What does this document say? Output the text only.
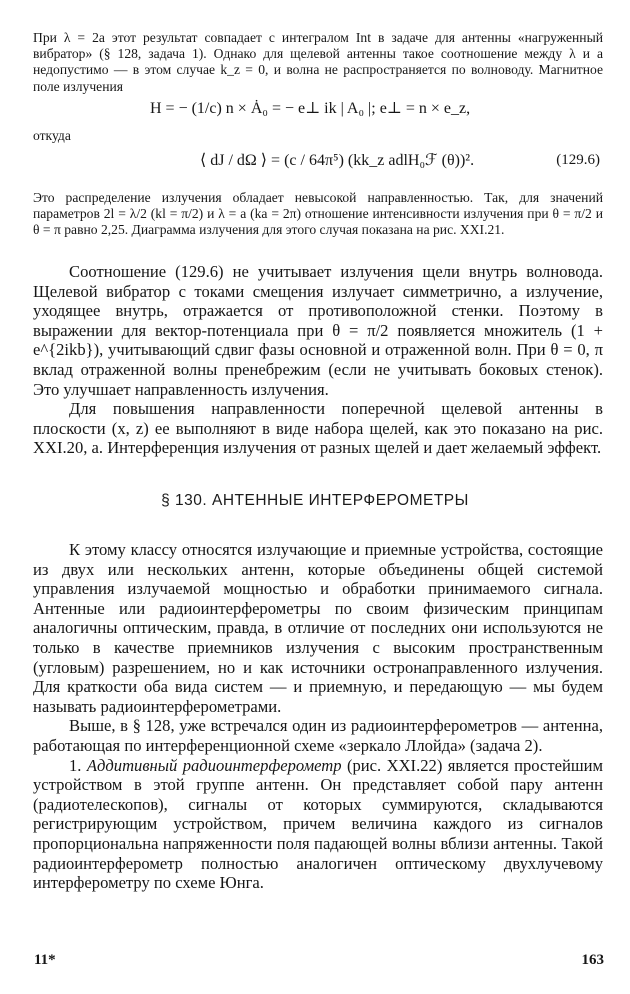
При λ = 2a этот результат совпадает с интегралом Int в задаче для антенны «нагруженный вибратор» (§ 128, задача 1). Однако для щелевой антенны такое соотношение между λ и a недопустимо — в этом случае k_z = 0, и волна не распространяется по волноводу. Магнитное поле излучения

H = − (1/c) n × Ȧ₀ = − e⊥ ik | A₀ |; e⊥ = n × e_z,
откуда
⟨ dJ / dΩ ⟩ = (c / 64π⁵) (kk_z adlH₀ℱ (θ))².	(129.6)

Это распределение излучения обладает невысокой направленностью. Так, для значений параметров 2l = λ/2 (kl = π/2) и λ = a (ka = 2π) отношение интенсивности излучения при θ = π/2 и θ = π равно 2,25. Диаграмма излучения для этого случая показана на рис. XXI.21.

Соотношение (129.6) не учитывает излучения щели внутрь волновода. Щелевой вибратор с токами смещения излучает симметрично, а излучение, уходящее внутрь, отражается от противоположной стенки. Поэтому в выражении для вектор-потенциала при θ = π/2 появляется множитель (1 + e^{2ikb}), учитывающий сдвиг фазы основной и отраженной волн. При θ = 0, π вклад отраженной волны пренебрежим (если не учитывать боковых стенок). Это улучшает направленность излучения.

Для повышения направленности поперечной щелевой антенны в плоскости (x, z) ее выполняют в виде набора щелей, как это показано на рис. XXI.20, a. Интерференция излучения от разных щелей и дает желаемый эффект.

§ 130. АНТЕННЫЕ ИНТЕРФЕРОМЕТРЫ

К этому классу относятся излучающие и приемные устройства, состоящие из двух или нескольких антенн, которые объединены общей системой управления излучаемой мощностью и обработки принимаемого сигнала. Антенные или радиоинтерферометры по своим физическим принципам аналогичны оптическим, правда, в отличие от последних они используются не только в качестве приемников излучения с высоким пространственным (угловым) разрешением, но и как источники остронаправленного излучения. Для краткости оба вида систем — и приемную, и передающую — мы будем называть радиоинтерферометрами.

Выше, в § 128, уже встречался один из радиоинтерферометров — антенна, работающая по интерференционной схеме «зеркало Ллойда» (задача 2).

1. Аддитивный радиоинтерферометр (рис. XXI.22) является простейшим устройством в этой группе антенн. Он представляет собой пару антенн (радиотелескопов), сигналы от которых суммируются, складываются регистрирующим устройством, причем величина каждого из сигналов пропорциональна напряженности поля падающей волны вблизи антенны. Такой радиоинтерферометр полностью аналогичен оптическому двухлучевому интерферометру по схеме Юнга.

11*	163
